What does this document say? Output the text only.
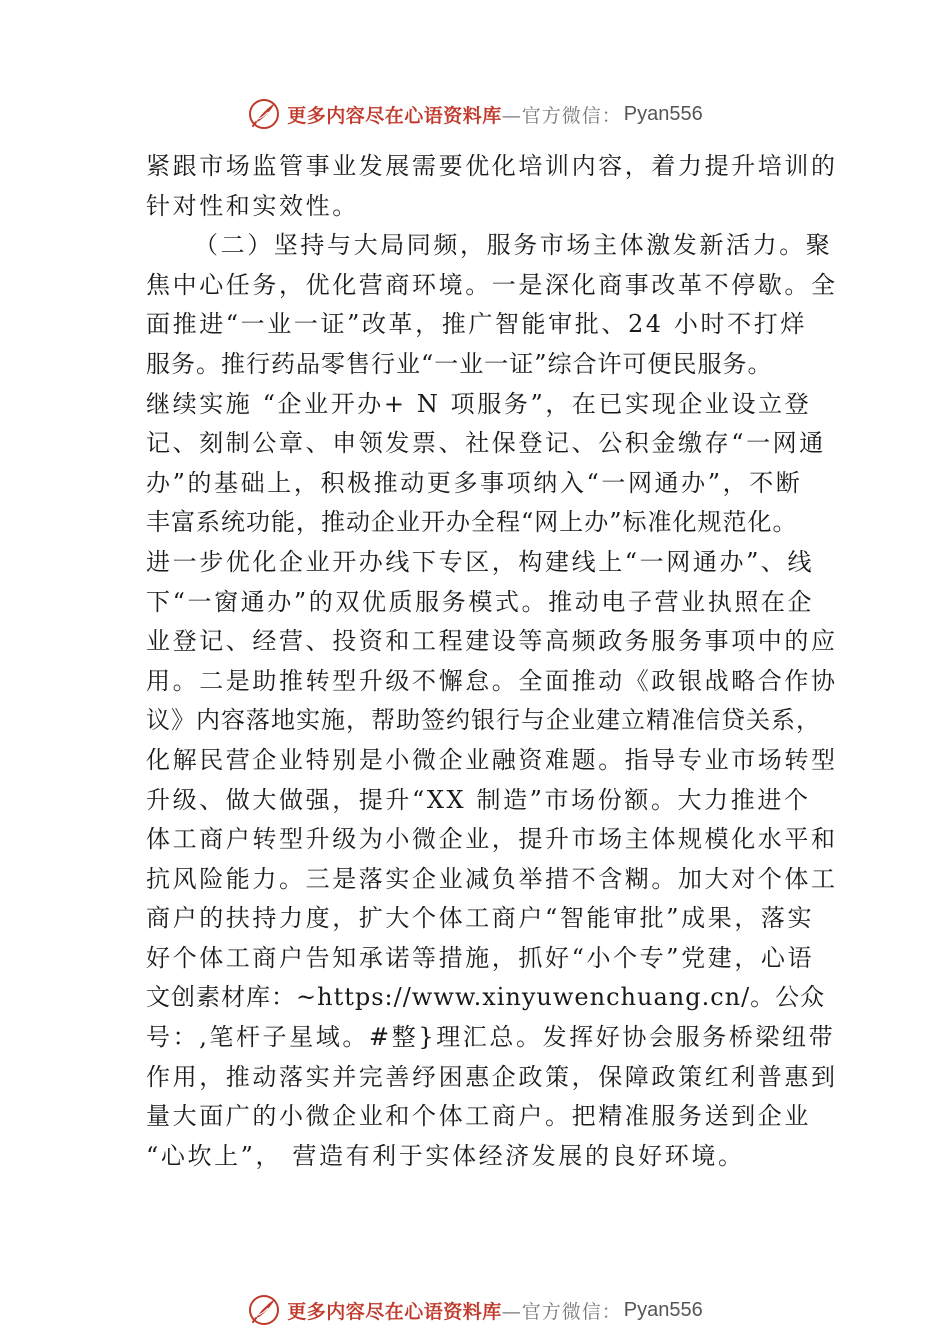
更多内容尽在心语资料库 —官方微信： Pyan556
紧跟市场监管事业发展需要优化培训内容，着力提升培训的
针对性和实效性。
（二）坚持与大局同频，服务市场主体激发新活力。聚
焦中心任务，优化营商环境。一是深化商事改革不停歇。全
面推进“一业一证”改革，推广智能审批、24 小时不打烊
服务。推行药品零售行业“一业一证”综合许可便民服务。
继续实施 “企业开办+ N 项服务”，在已实现企业设立登
记、刻制公章、申领发票、社保登记、公积金缴存“一网通
办”的基础上，积极推动更多事项纳入“一网通办”，不断
丰富系统功能，推动企业开办全程“网上办”标准化规范化。
进一步优化企业开办线下专区，构建线上“一网通办”、线
下“一窗通办”的双优质服务模式。推动电子营业执照在企
业登记、经营、投资和工程建设等高频政务服务事项中的应
用。二是助推转型升级不懈怠。全面推动《政银战略合作协
议》内容落地实施，帮助签约银行与企业建立精准信贷关系，
化解民营企业特别是小微企业融资难题。指导专业市场转型
升级、做大做强，提升“XX 制造”市场份额。大力推进个
体工商户转型升级为小微企业，提升市场主体规模化水平和
抗风险能力。三是落实企业减负举措不含糊。加大对个体工
商户的扶持力度，扩大个体工商户“智能审批”成果，落实
好个体工商户告知承诺等措施，抓好“小个专”党建，心语
文创素材库：~https://www.xinyuwenchuang.cn/。公众
号：,笔杆子星域。#整}理汇总。发挥好协会服务桥梁纽带
作用，推动落实并完善纾困惠企政策，保障政策红利普惠到
量大面广的小微企业和个体工商户。把精准服务送到企业
“心坎上”， 营造有利于实体经济发展的良好环境。
更多内容尽在心语资料库 —官方微信： Pyan556
